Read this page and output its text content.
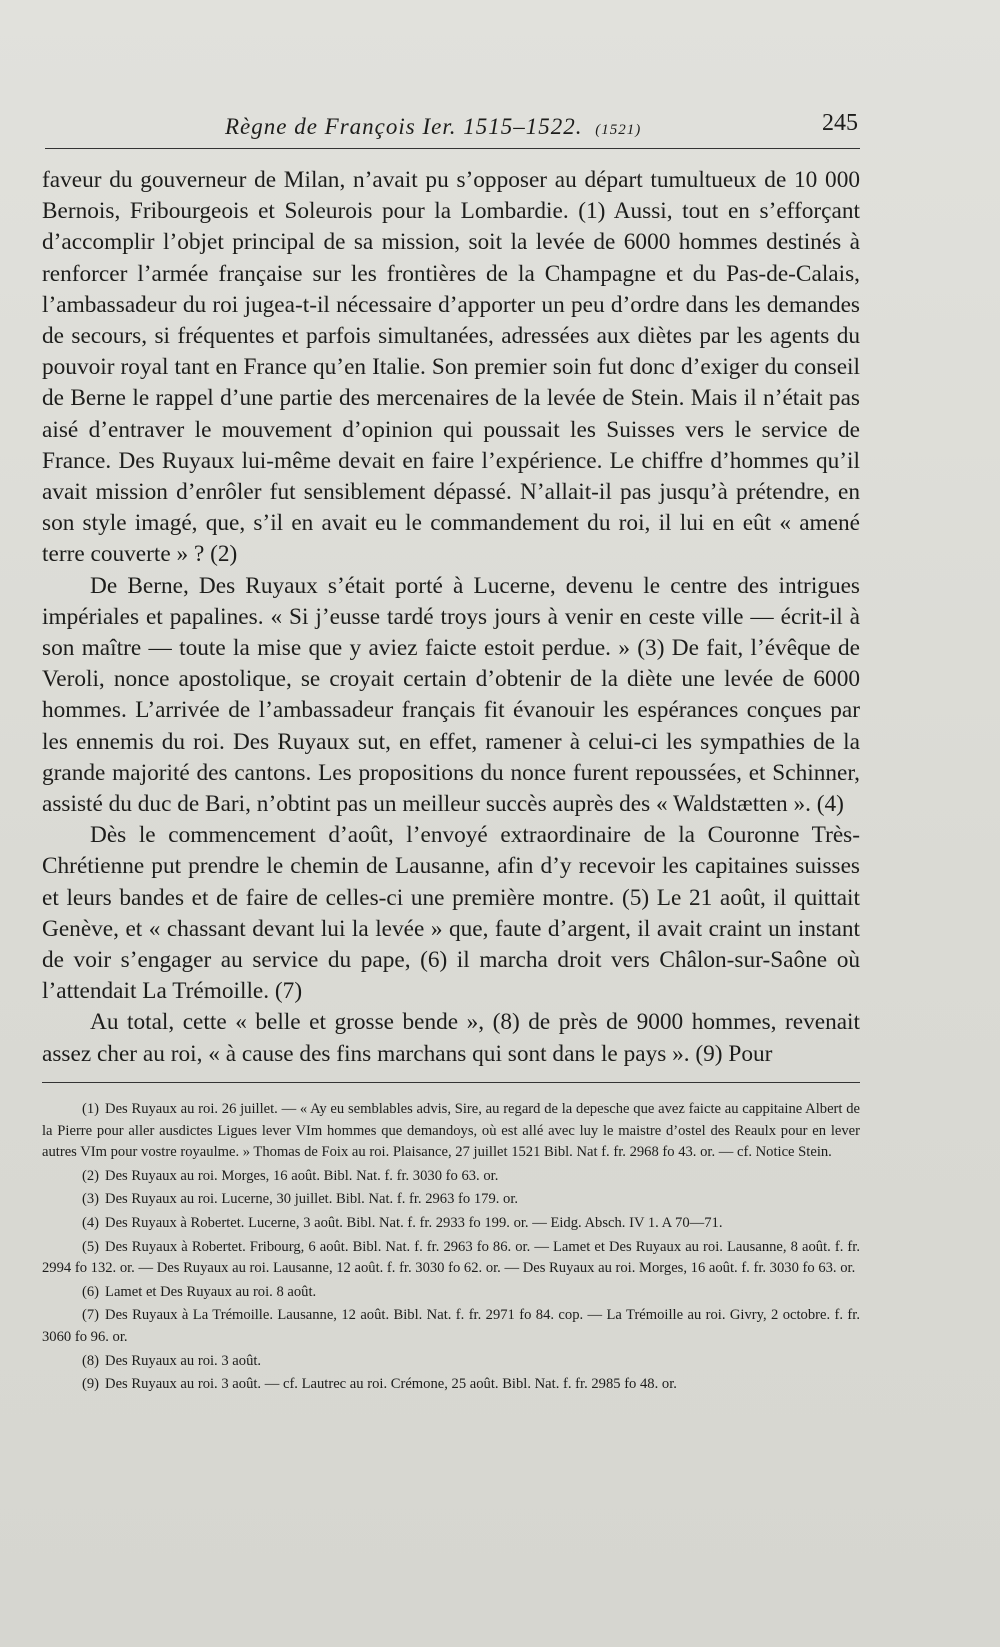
Règne de François Ier. 1515–1522. (1521)	245

faveur du gouverneur de Milan, n’avait pu s’opposer au départ tumultueux de 10 000 Bernois, Fribourgeois et Soleurois pour la Lombardie. (1) Aussi, tout en s’efforçant d’accomplir l’objet principal de sa mission, soit la levée de 6000 hommes destinés à renforcer l’armée française sur les frontières de la Champagne et du Pas-de-Calais, l’ambassadeur du roi jugea-t-il nécessaire d’apporter un peu d’ordre dans les demandes de secours, si fréquentes et parfois simultanées, adressées aux diètes par les agents du pouvoir royal tant en France qu’en Italie. Son premier soin fut donc d’exiger du conseil de Berne le rappel d’une partie des mercenaires de la levée de Stein. Mais il n’était pas aisé d’entraver le mouvement d’opinion qui poussait les Suisses vers le service de France. Des Ruyaux lui-même devait en faire l’expérience. Le chiffre d’hommes qu’il avait mission d’enrôler fut sensiblement dépassé. N’allait-il pas jusqu’à prétendre, en son style imagé, que, s’il en avait eu le commandement du roi, il lui en eût « amené terre couverte » ? (2)

De Berne, Des Ruyaux s’était porté à Lucerne, devenu le centre des intrigues impériales et papalines. « Si j’eusse tardé troys jours à venir en ceste ville — écrit-il à son maître — toute la mise que y aviez faicte estoit perdue. » (3) De fait, l’évêque de Veroli, nonce apostolique, se croyait certain d’obtenir de la diète une levée de 6000 hommes. L’arrivée de l’ambassadeur français fit évanouir les espérances conçues par les ennemis du roi. Des Ruyaux sut, en effet, ramener à celui-ci les sympathies de la grande majorité des cantons. Les propositions du nonce furent repoussées, et Schinner, assisté du duc de Bari, n’obtint pas un meilleur succès auprès des « Waldstætten ». (4)

Dès le commencement d’août, l’envoyé extraordinaire de la Couronne Très-Chrétienne put prendre le chemin de Lausanne, afin d’y recevoir les capitaines suisses et leurs bandes et de faire de celles-ci une première montre. (5) Le 21 août, il quittait Genève, et « chassant devant lui la levée » que, faute d’argent, il avait craint un instant de voir s’engager au service du pape, (6) il marcha droit vers Châlon-sur-Saône où l’attendait La Trémoille. (7)

Au total, cette « belle et grosse bende », (8) de près de 9000 hommes, revenait assez cher au roi, « à cause des fins marchans qui sont dans le pays ». (9) Pour

(1) Des Ruyaux au roi. 26 juillet. — « Ay eu semblables advis, Sire, au regard de la depesche que avez faicte au cappitaine Albert de la Pierre pour aller ausdictes Ligues lever VIm hommes que demandoys, où est allé avec luy le maistre d’ostel des Reaulx pour en lever autres VIm pour vostre royaulme. » Thomas de Foix au roi. Plaisance, 27 juillet 1521 Bibl. Nat f. fr. 2968 fo 43. or. — cf. Notice Stein.

(2) Des Ruyaux au roi. Morges, 16 août. Bibl. Nat. f. fr. 3030 fo 63. or.

(3) Des Ruyaux au roi. Lucerne, 30 juillet. Bibl. Nat. f. fr. 2963 fo 179. or.

(4) Des Ruyaux à Robertet. Lucerne, 3 août. Bibl. Nat. f. fr. 2933 fo 199. or. — Eidg. Absch. IV 1. A 70—71.

(5) Des Ruyaux à Robertet. Fribourg, 6 août. Bibl. Nat. f. fr. 2963 fo 86. or. — Lamet et Des Ruyaux au roi. Lausanne, 8 août. f. fr. 2994 fo 132. or. — Des Ruyaux au roi. Lausanne, 12 août. f. fr. 3030 fo 62. or. — Des Ruyaux au roi. Morges, 16 août. f. fr. 3030 fo 63. or.

(6) Lamet et Des Ruyaux au roi. 8 août.

(7) Des Ruyaux à La Trémoille. Lausanne, 12 août. Bibl. Nat. f. fr. 2971 fo 84. cop. — La Trémoille au roi. Givry, 2 octobre. f. fr. 3060 fo 96. or.

(8) Des Ruyaux au roi. 3 août.

(9) Des Ruyaux au roi. 3 août. — cf. Lautrec au roi. Crémone, 25 août. Bibl. Nat. f. fr. 2985 fo 48. or.
